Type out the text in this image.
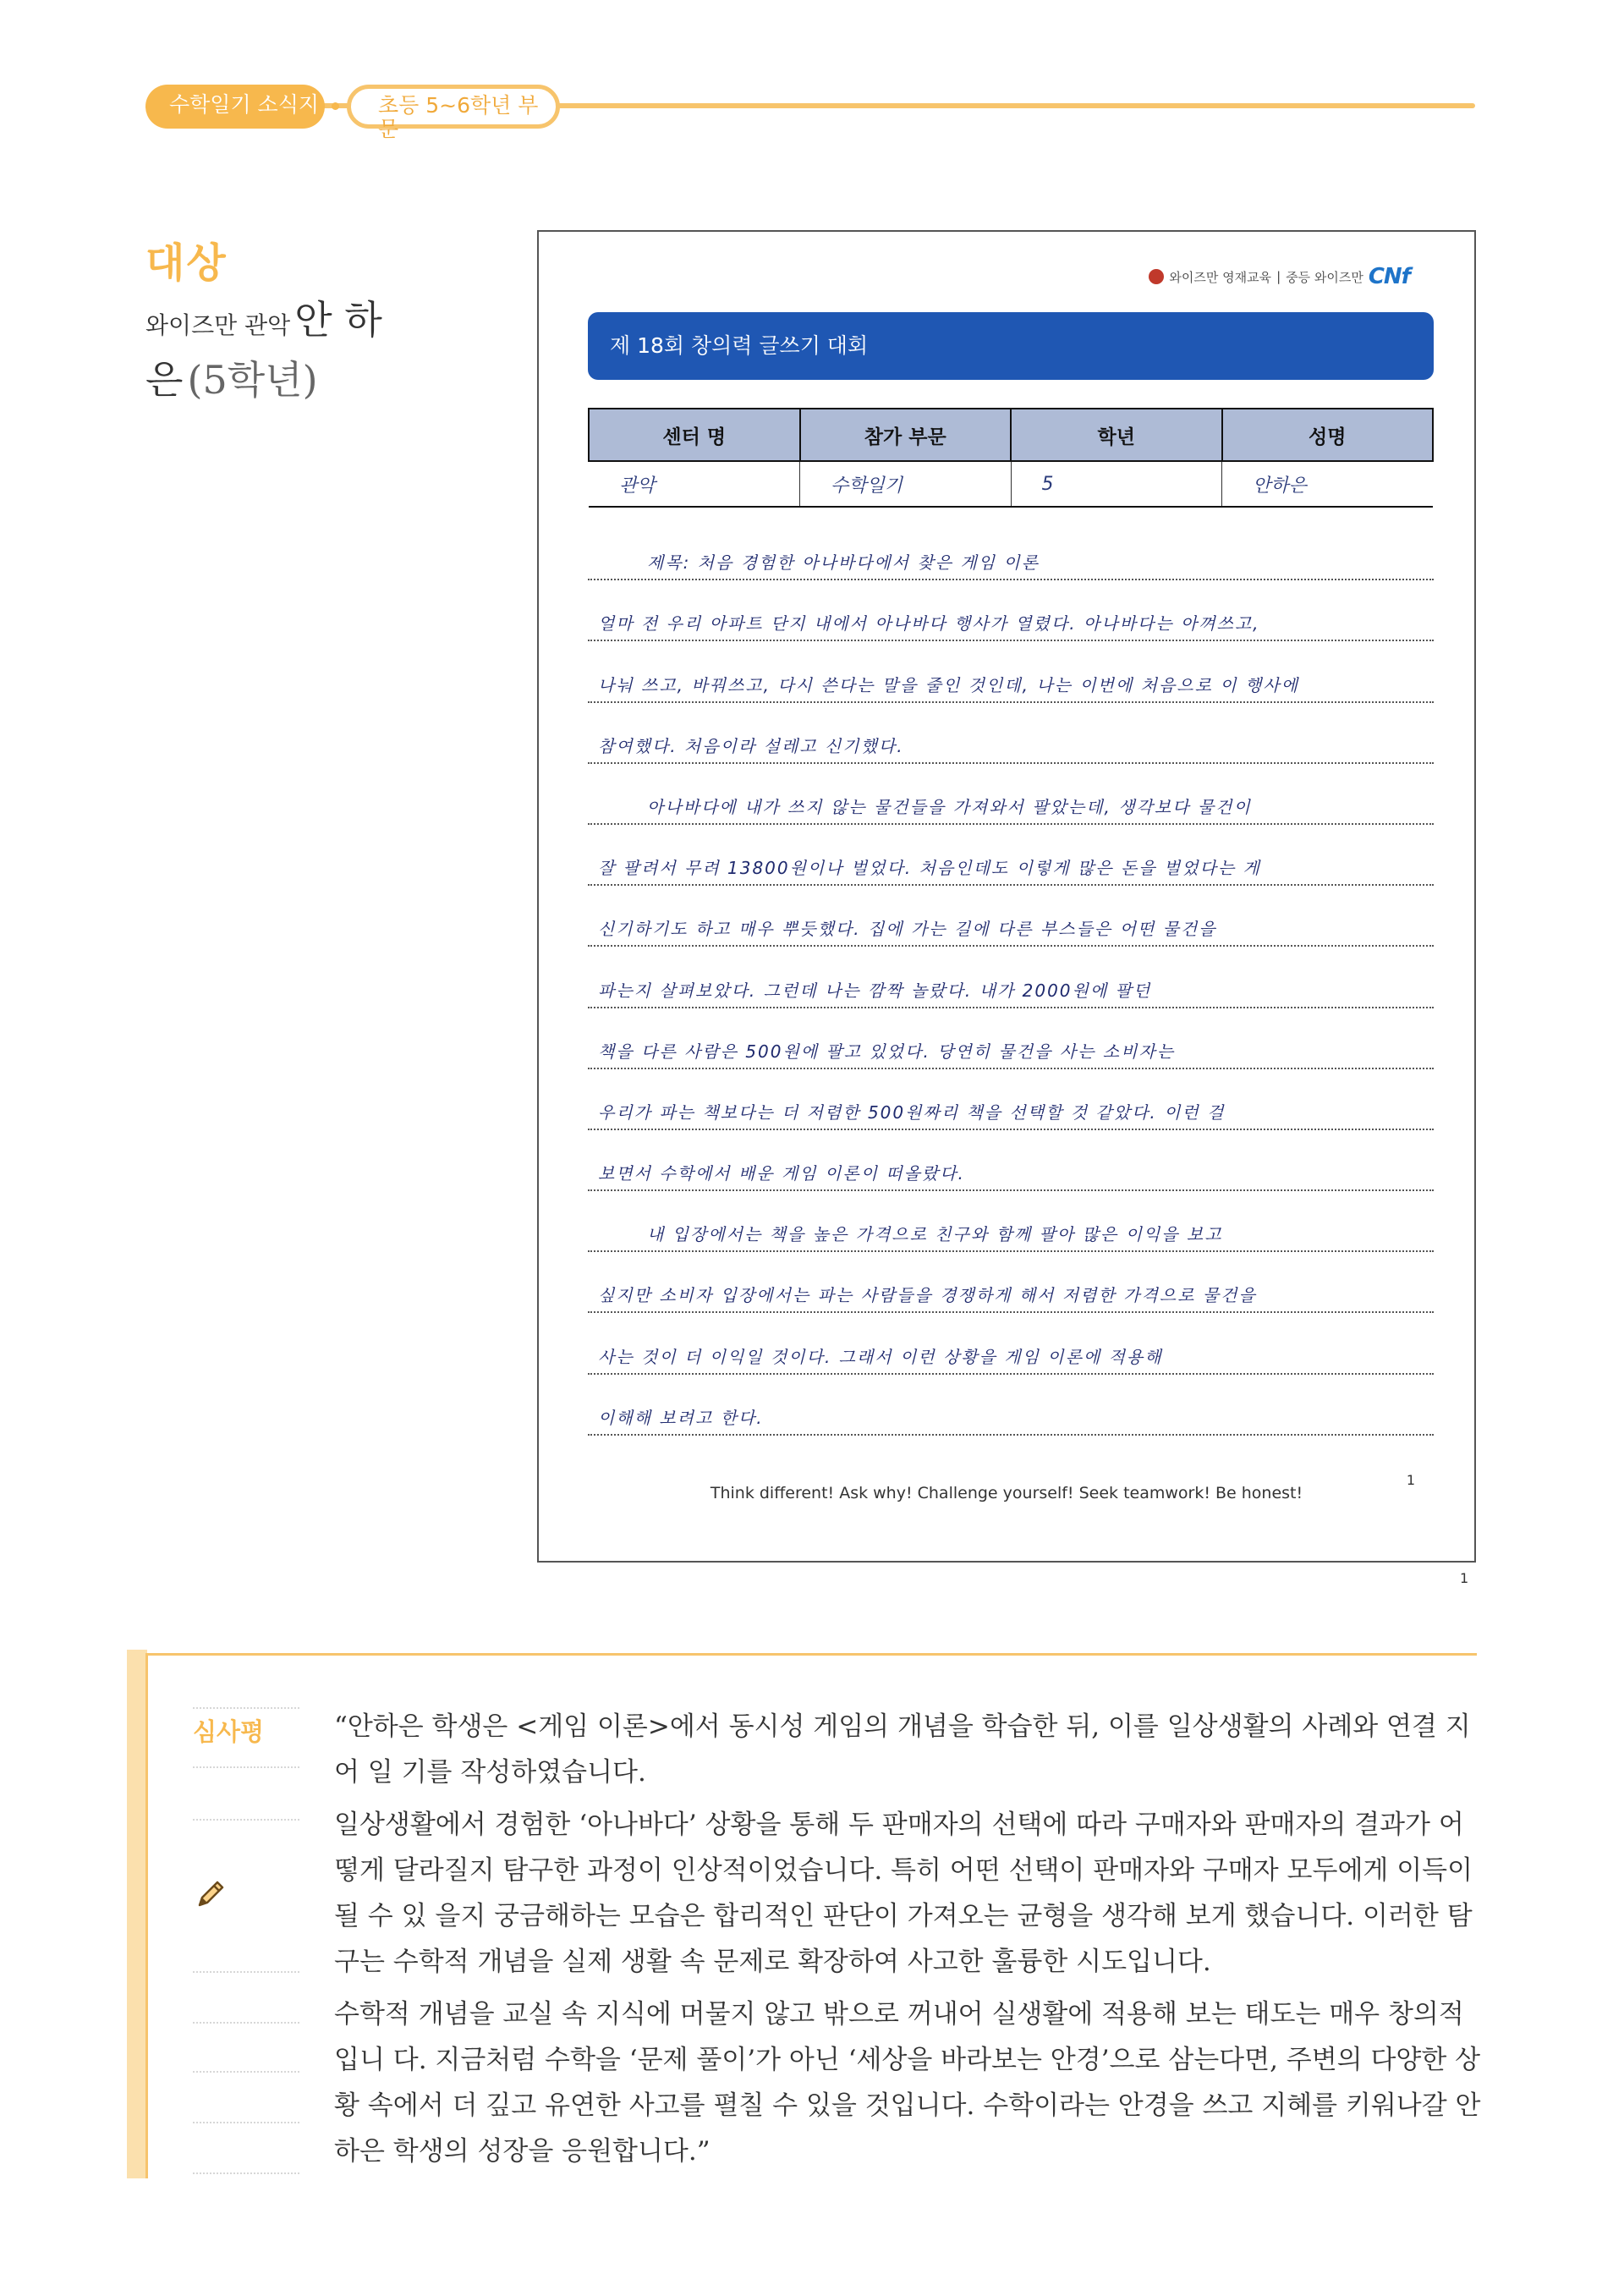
수학일기 소식지	초등 5~6학년 부문
대상
와이즈만 관악 안 하 은 (5학년)
와이즈만 영재교육 | 중등 와이즈만 CNf
제 18회 창의력 글쓰기 대회
센터 명	참가 부문	학년	성명
관악	수학일기	5	안하은
제목: 처음 경험한 아나바다에서 찾은 게임 이론
얼마 전 우리 아파트 단지 내에서 아나바다 행사가 열렸다. 아나바다는 아껴쓰고,
나눠 쓰고, 바꿔쓰고, 다시 쓴다는 말을 줄인 것인데, 나는 이번에 처음으로 이 행사에
참여했다. 처음이라 설레고 신기했다.
아나바다에 내가 쓰지 않는 물건들을 가져와서 팔았는데, 생각보다 물건이
잘 팔려서 무려 13800원이나 벌었다. 처음인데도 이렇게 많은 돈을 벌었다는 게
신기하기도 하고 매우 뿌듯했다. 집에 가는 길에 다른 부스들은 어떤 물건을
파는지 살펴보았다. 그런데 나는 깜짝 놀랐다. 내가 2000원에 팔던
책을 다른 사람은 500원에 팔고 있었다. 당연히 물건을 사는 소비자는
우리가 파는 책보다는 더 저렴한 500원짜리 책을 선택할 것 같았다. 이런 걸
보면서 수학에서 배운 게임 이론이 떠올랐다.
내 입장에서는 책을 높은 가격으로 친구와 함께 팔아 많은 이익을 보고
싶지만 소비자 입장에서는 파는 사람들을 경쟁하게 해서 저렴한 가격으로 물건을
사는 것이 더 이익일 것이다. 그래서 이런 상황을 게임 이론에 적용해
이해해 보려고 한다.
1
Think different! Ask why! Challenge yourself! Seek teamwork! Be honest!
1
심사평	“안하은 학생은 <게임 이론>에서 동시성 게임의 개념을 학습한 뒤, 이를 일상생활의 사례와 연결 지어 일 기를 작성하였습니다.

일상생활에서 경험한 ‘아나바다’ 상황을 통해 두 판매자의 선택에 따라 구매자와 판매자의 결과가 어떻게 달라질지 탐구한 과정이 인상적이었습니다. 특히 어떤 선택이 판매자와 구매자 모두에게 이득이 될 수 있 을지 궁금해하는 모습은 합리적인 판단이 가져오는 균형을 생각해 보게 했습니다. 이러한 탐구는 수학적 개념을 실제 생활 속 문제로 확장하여 사고한 훌륭한 시도입니다.

수학적 개념을 교실 속 지식에 머물지 않고 밖으로 꺼내어 실생활에 적용해 보는 태도는 매우 창의적입니 다. 지금처럼 수학을 ‘문제 풀이’가 아닌 ‘세상을 바라보는 안경’으로 삼는다면, 주변의 다양한 상황 속에서 더 깊고 유연한 사고를 펼칠 수 있을 것입니다. 수학이라는 안경을 쓰고 지혜를 키워나갈 안하은 학생의 성장을 응원합니다.”
